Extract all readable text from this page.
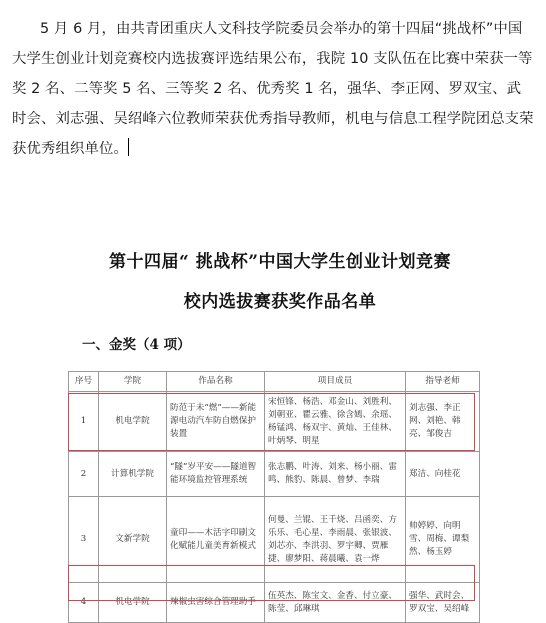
5 月 6 月，由共青团重庆人文科技学院委员会举办的第十四届“挑战杯”中国大学生创业计划竞赛校内选拔赛评选结果公布，我院 10 支队伍在比赛中荣获一等奖 2 名、二等奖 5 名、三等奖 2 名、优秀奖 1 名，强华、李正网、罗双宝、武时会、刘志强、吴绍峰六位教师荣获优秀指导教师，机电与信息工程学院团总支荣获优秀组织单位。

第十四届“ 挑战杯”中国大学生创业计划竞赛
校内选拔赛获奖作品名单
一、金奖（4 项）
序号	学院	作品名称	项目成员	指导老师
1	机电学院	防范于未“燃”——新能源电动汽车防自燃保护装置	宋恒锋、杨浩、邓金山、刘胜利、刘朝亚、瞿云雅、徐含嫣、余瑶、杨锰鸿、杨双宇、黄灿、王佳林、叶炳琴、明星	刘志强、李正网、刘艳、韩亮、邹俊吉
2	计算机学院	“隧”岁平安——隧道智能环境监控管理系统	张志鹏、叶涛、刘来、杨小丽、雷鸣、熊豹、陈晨、曾梦、李瑞	郑洁、向桂花
3	文新学院	童印——木活字印刷文化赋能儿童美育新模式	何曼、兰锟、王千烧、吕函奕、方乐乐、毛心星、李雨晨、张银波、刘芯亦、李洪羽、罗宇卿、贾雁捷、廖梦阳、蒋晨曦、袁一烨	帅婷婷、向明雪、周梅、谭梨然、杨玉婷
4	机电学院	辣椒虫害综合管理助手	伍英杰、陈宝文、金香、付立豪、陈莹、邱琳琪	强华、武时会、罗双宝、吴绍峰
